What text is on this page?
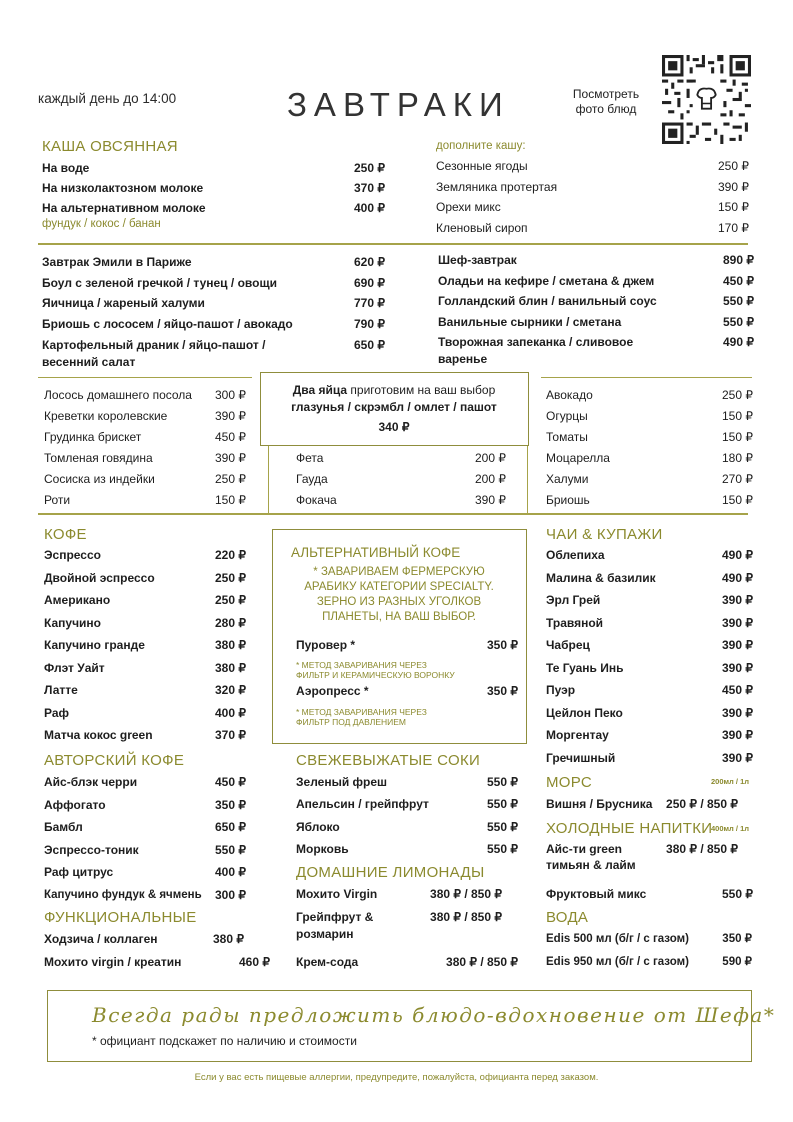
каждый день до 14:00	ЗАВТРАКИ	Посмотреть
фото блюд
КАША ОВСЯННАЯ
На воде	250 ₽
На низколактозном молоке	370 ₽
На альтернативном молоке	400 ₽
фундук / кокос / банан
дополните кашу:
Сезонные ягоды	250 ₽
Земляника протертая	390 ₽
Орехи микс	150 ₽
Кленовый сироп	170 ₽
Завтрак Эмили в Париже	620 ₽
Боул с зеленой гречкой / тунец / овощи	690 ₽
Яичница / жареный халуми	770 ₽
Бриошь с лососем / яйцо-пашот / авокадо	790 ₽
Картофельный драник / яйцо-пашот /	650 ₽
весенний салат
Шеф-завтрак	890 ₽
Оладьи на кефире / сметана & джем	450 ₽
Голландский блин / ванильный соус	550 ₽
Ванильные сырники / сметана	550 ₽
Творожная запеканка / сливовое	490 ₽
варенье
Два яйца приготовим на ваш выбор
глазунья / скрэмбл / омлет / пашот
340 ₽
Лосось домашнего посола 300 ₽
Креветки королевские	390 ₽
Грудинка брискет	450 ₽
Томленая говядина	390 ₽
Сосиска из индейки	250 ₽
Роти	150 ₽
Фета	200 ₽
Гауда	200 ₽
Фокача	390 ₽
Авокадо	250 ₽
Огурцы	150 ₽
Томаты	150 ₽
Моцарелла	180 ₽
Халуми	270 ₽
Бриошь	150 ₽
КОФЕ
Эспрессо	220 ₽
Двойной эспрессо	250 ₽
Американо	250 ₽
Капучино	280 ₽
Капучино гранде	380 ₽
Флэт Уайт	380 ₽
Латте	320 ₽
Раф	400 ₽
Матча кокос green	370 ₽
АВТОРСКИЙ КОФЕ
Айс-блэк черри	450 ₽
Аффогато	350 ₽
Бамбл	650 ₽
Эспрессо-тоник	550 ₽
Раф цитрус	400 ₽
Капучино фундук & ячмень 300 ₽
ФУНКЦИОНАЛЬНЫЕ
Ходзича / коллаген	380 ₽
Мохито virgin / креатин	460 ₽
АЛЬТЕРНАТИВНЫЙ КОФЕ
* ЗАВАРИВАЕМ ФЕРМЕРСКУЮ
АРАБИКУ КАТЕГОРИИ SPECIALTY.
ЗЕРНО ИЗ РАЗНЫХ УГОЛКОВ
ПЛАНЕТЫ, НА ВАШ ВЫБОР.
Пуровер *	350 ₽
* МЕТОД ЗАВАРИВАНИЯ ЧЕРЕЗ
ФИЛЬТР И КЕРАМИЧЕСКУЮ ВОРОНКУ
Аэропресс *	350 ₽
* МЕТОД ЗАВАРИВАНИЯ ЧЕРЕЗ
ФИЛЬТР ПОД ДАВЛЕНИЕМ
СВЕЖЕВЫЖАТЫЕ СОКИ
Зеленый фреш	550 ₽
Апельсин / грейпфрут	550 ₽
Яблоко	550 ₽
Морковь	550 ₽
ДОМАШНИЕ ЛИМОНАДЫ
Мохито Virgin	380 ₽ / 850 ₽
Грейпфрут &	380 ₽ / 850 ₽
розмарин
Крем-сода	380 ₽ / 850 ₽
ЧАИ & КУПАЖИ
Облепиха	490 ₽
Малина & базилик	490 ₽
Эрл Грей	390 ₽
Травяной	390 ₽
Чабрец	390 ₽
Те Гуань Инь	390 ₽
Пуэр	450 ₽
Цейлон Пеко	390 ₽
Моргентау	390 ₽
Гречишный	390 ₽
МОРС	200мл / 1л
Вишня / Брусника 250 ₽ / 850 ₽
ХОЛОДНЫЕ НАПИТКИ
400мл / 1л
Айс-ти green	380 ₽ / 850 ₽
тимьян & лайм
Фруктовый микс	550 ₽
ВОДА
Edis 500 мл (б/г / с газом)	350 ₽
Edis 950 мл (б/г / с газом)	590 ₽
Всегда рады предложить блюдо-вдохновение от Шефа*
* официант подскажет по наличию и стоимости
Если у вас есть пищевые аллергии, предупредите, пожалуйста, официанта перед заказом.
